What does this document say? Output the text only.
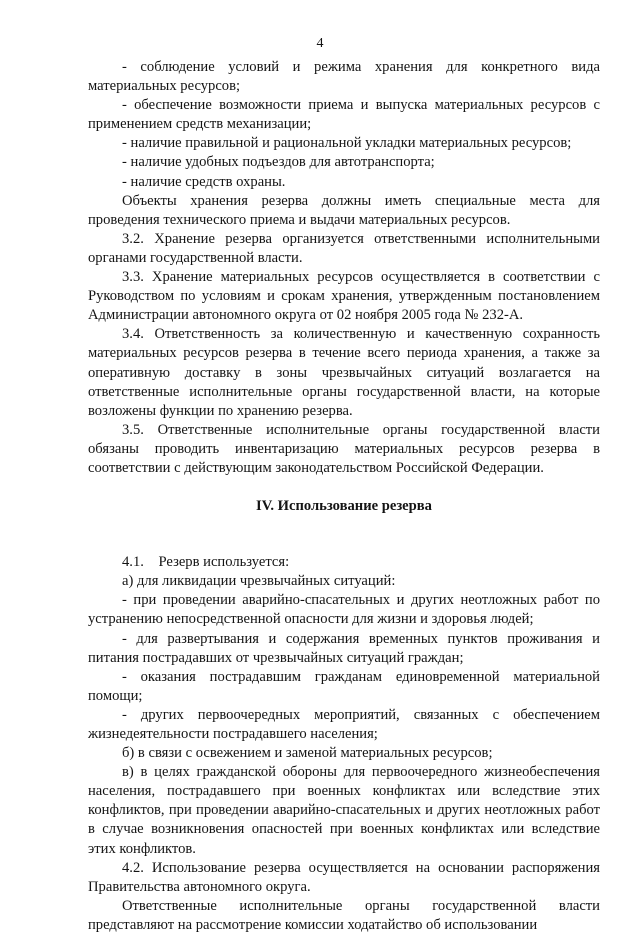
4

- соблюдение условий и режима хранения для конкретного вида материальных ресурсов;

- обеспечение возможности приема и выпуска материальных ресурсов с применением средств механизации;

- наличие правильной и рациональной укладки материальных ресурсов;

- наличие удобных подъездов для автотранспорта;

- наличие средств охраны.

Объекты хранения резерва должны иметь специальные места для проведения технического приема и выдачи материальных ресурсов.

3.2. Хранение резерва организуется ответственными исполнительными органами государственной власти.

3.3. Хранение материальных ресурсов осуществляется в соответствии с Руководством по условиям и срокам хранения, утвержденным постановлением Администрации автономного округа от 02 ноября 2005 года № 232-А.

3.4. Ответственность за количественную и качественную сохранность материальных ресурсов резерва в течение всего периода хранения, а также за оперативную доставку в зоны чрезвычайных ситуаций возлагается на ответственные исполнительные органы государственной власти, на которые возложены функции по хранению резерва.

3.5. Ответственные исполнительные органы государственной власти обязаны проводить инвентаризацию материальных ресурсов резерва в соответствии с действующим законодательством Российской Федерации.

IV. Использование резерва

4.1.    Резерв используется:

а) для ликвидации чрезвычайных ситуаций:

- при проведении аварийно-спасательных и других неотложных работ по устранению непосредственной опасности для жизни и здоровья людей;

- для развертывания и содержания временных пунктов проживания и питания пострадавших от чрезвычайных ситуаций граждан;

- оказания пострадавшим гражданам единовременной материальной помощи;

- других первоочередных мероприятий, связанных с обеспечением жизнедеятельности пострадавшего населения;

б) в связи с освежением и заменой материальных ресурсов;

в) в целях гражданской обороны для первоочередного жизнеобеспечения населения, пострадавшего при военных конфликтах или вследствие этих конфликтов, при проведении аварийно-спасательных и других неотложных работ в случае возникновения опасностей при военных конфликтах или вследствие этих конфликтов.

4.2. Использование резерва осуществляется на основании распоряжения Правительства автономного округа.

Ответственные исполнительные органы государственной власти представляют на рассмотрение комиссии ходатайство об использовании
